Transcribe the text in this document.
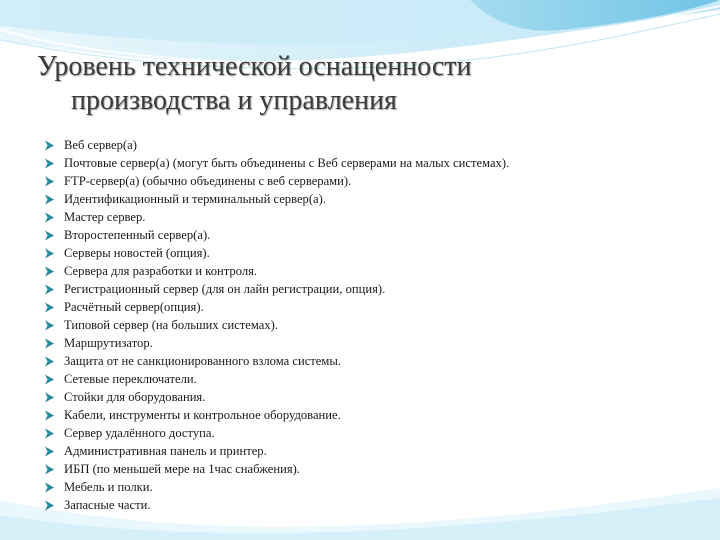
Уровень технической оснащенности
производства и управления
Веб сервер(а)
Почтовые сервер(а) (могут быть объединены с Веб серверами на малых системах).
FTP-сервер(а) (обычно объединены с веб серверами).
Идентификационный и терминальный сервер(а).
Мастер сервер.
Второстепенный сервер(а).
Серверы новостей (опция).
Сервера для разработки и контроля.
Регистрационный сервер (для он лайн регистрации, опция).
Расчётный сервер(опция).
Типовой сервер (на больших системах).
Маршрутизатор.
Защита от не санкционированного взлома системы.
Сетевые переключатели.
Стойки для оборудования.
Кабели, инструменты и контрольное оборудование.
Сервер удалённого доступа.
Административная панель и принтер.
ИБП (по меньшей мере на 1час снабжения).
Мебель и полки.
Запасные части.
